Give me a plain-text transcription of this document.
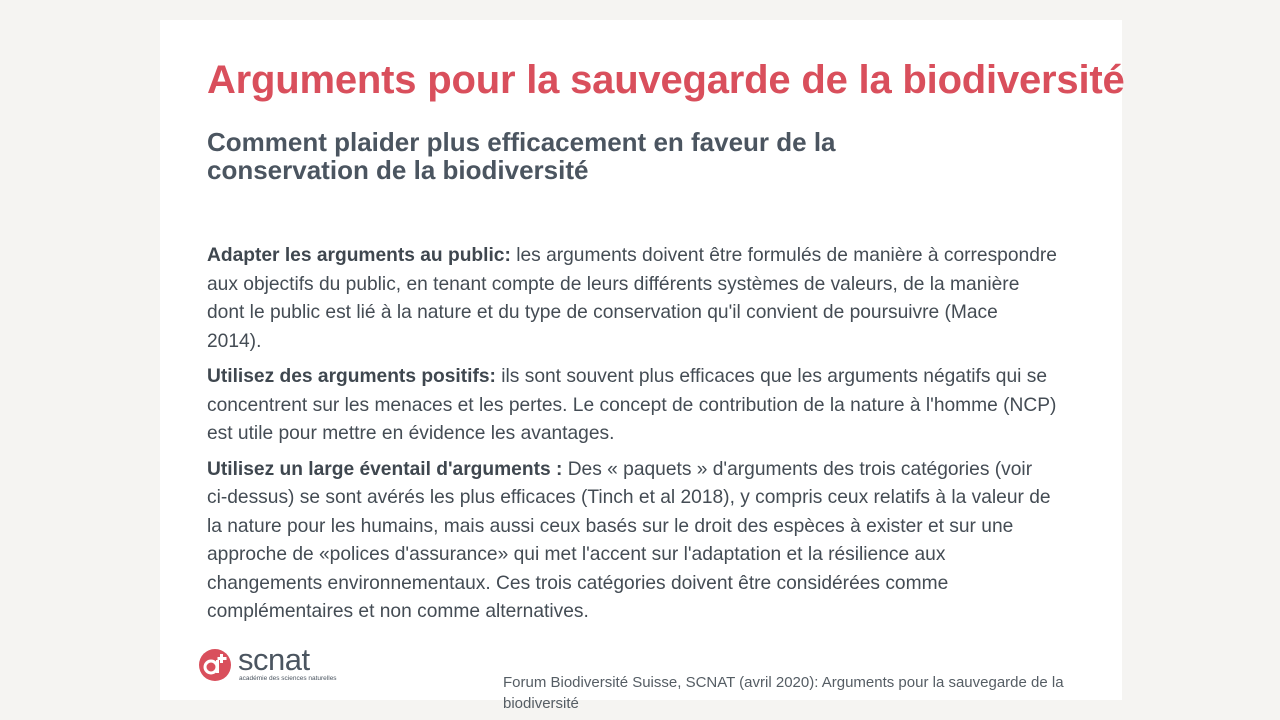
Arguments pour la sauvegarde de la biodiversité
Comment plaider plus efficacement en faveur de la conservation de la biodiversité

Adapter les arguments au public: les arguments doivent être formulés de manière à correspondre aux objectifs du public, en tenant compte de leurs différents systèmes de valeurs, de la manière dont le public est lié à la nature et du type de conservation qu'il convient de poursuivre (Mace 2014).

Utilisez des arguments positifs: ils sont souvent plus efficaces que les arguments négatifs qui se concentrent sur les menaces et les pertes. Le concept de contribution de la nature à l'homme (NCP) est utile pour mettre en évidence les avantages.

Utilisez un large éventail d'arguments : Des « paquets » d'arguments des trois catégories (voir ci-dessus) se sont avérés les plus efficaces (Tinch et al 2018), y compris ceux relatifs à la valeur de la nature pour les humains, mais aussi ceux basés sur le droit des espèces à exister et sur une approche de «polices d'assurance» qui met l'accent sur l'adaptation et la résilience aux changements environnementaux. Ces trois catégories doivent être considérées comme complémentaires et non comme alternatives.

scnat
académie des sciences naturelles	Forum Biodiversité Suisse, SCNAT (avril 2020): Arguments pour la sauvegarde de la biodiversité
